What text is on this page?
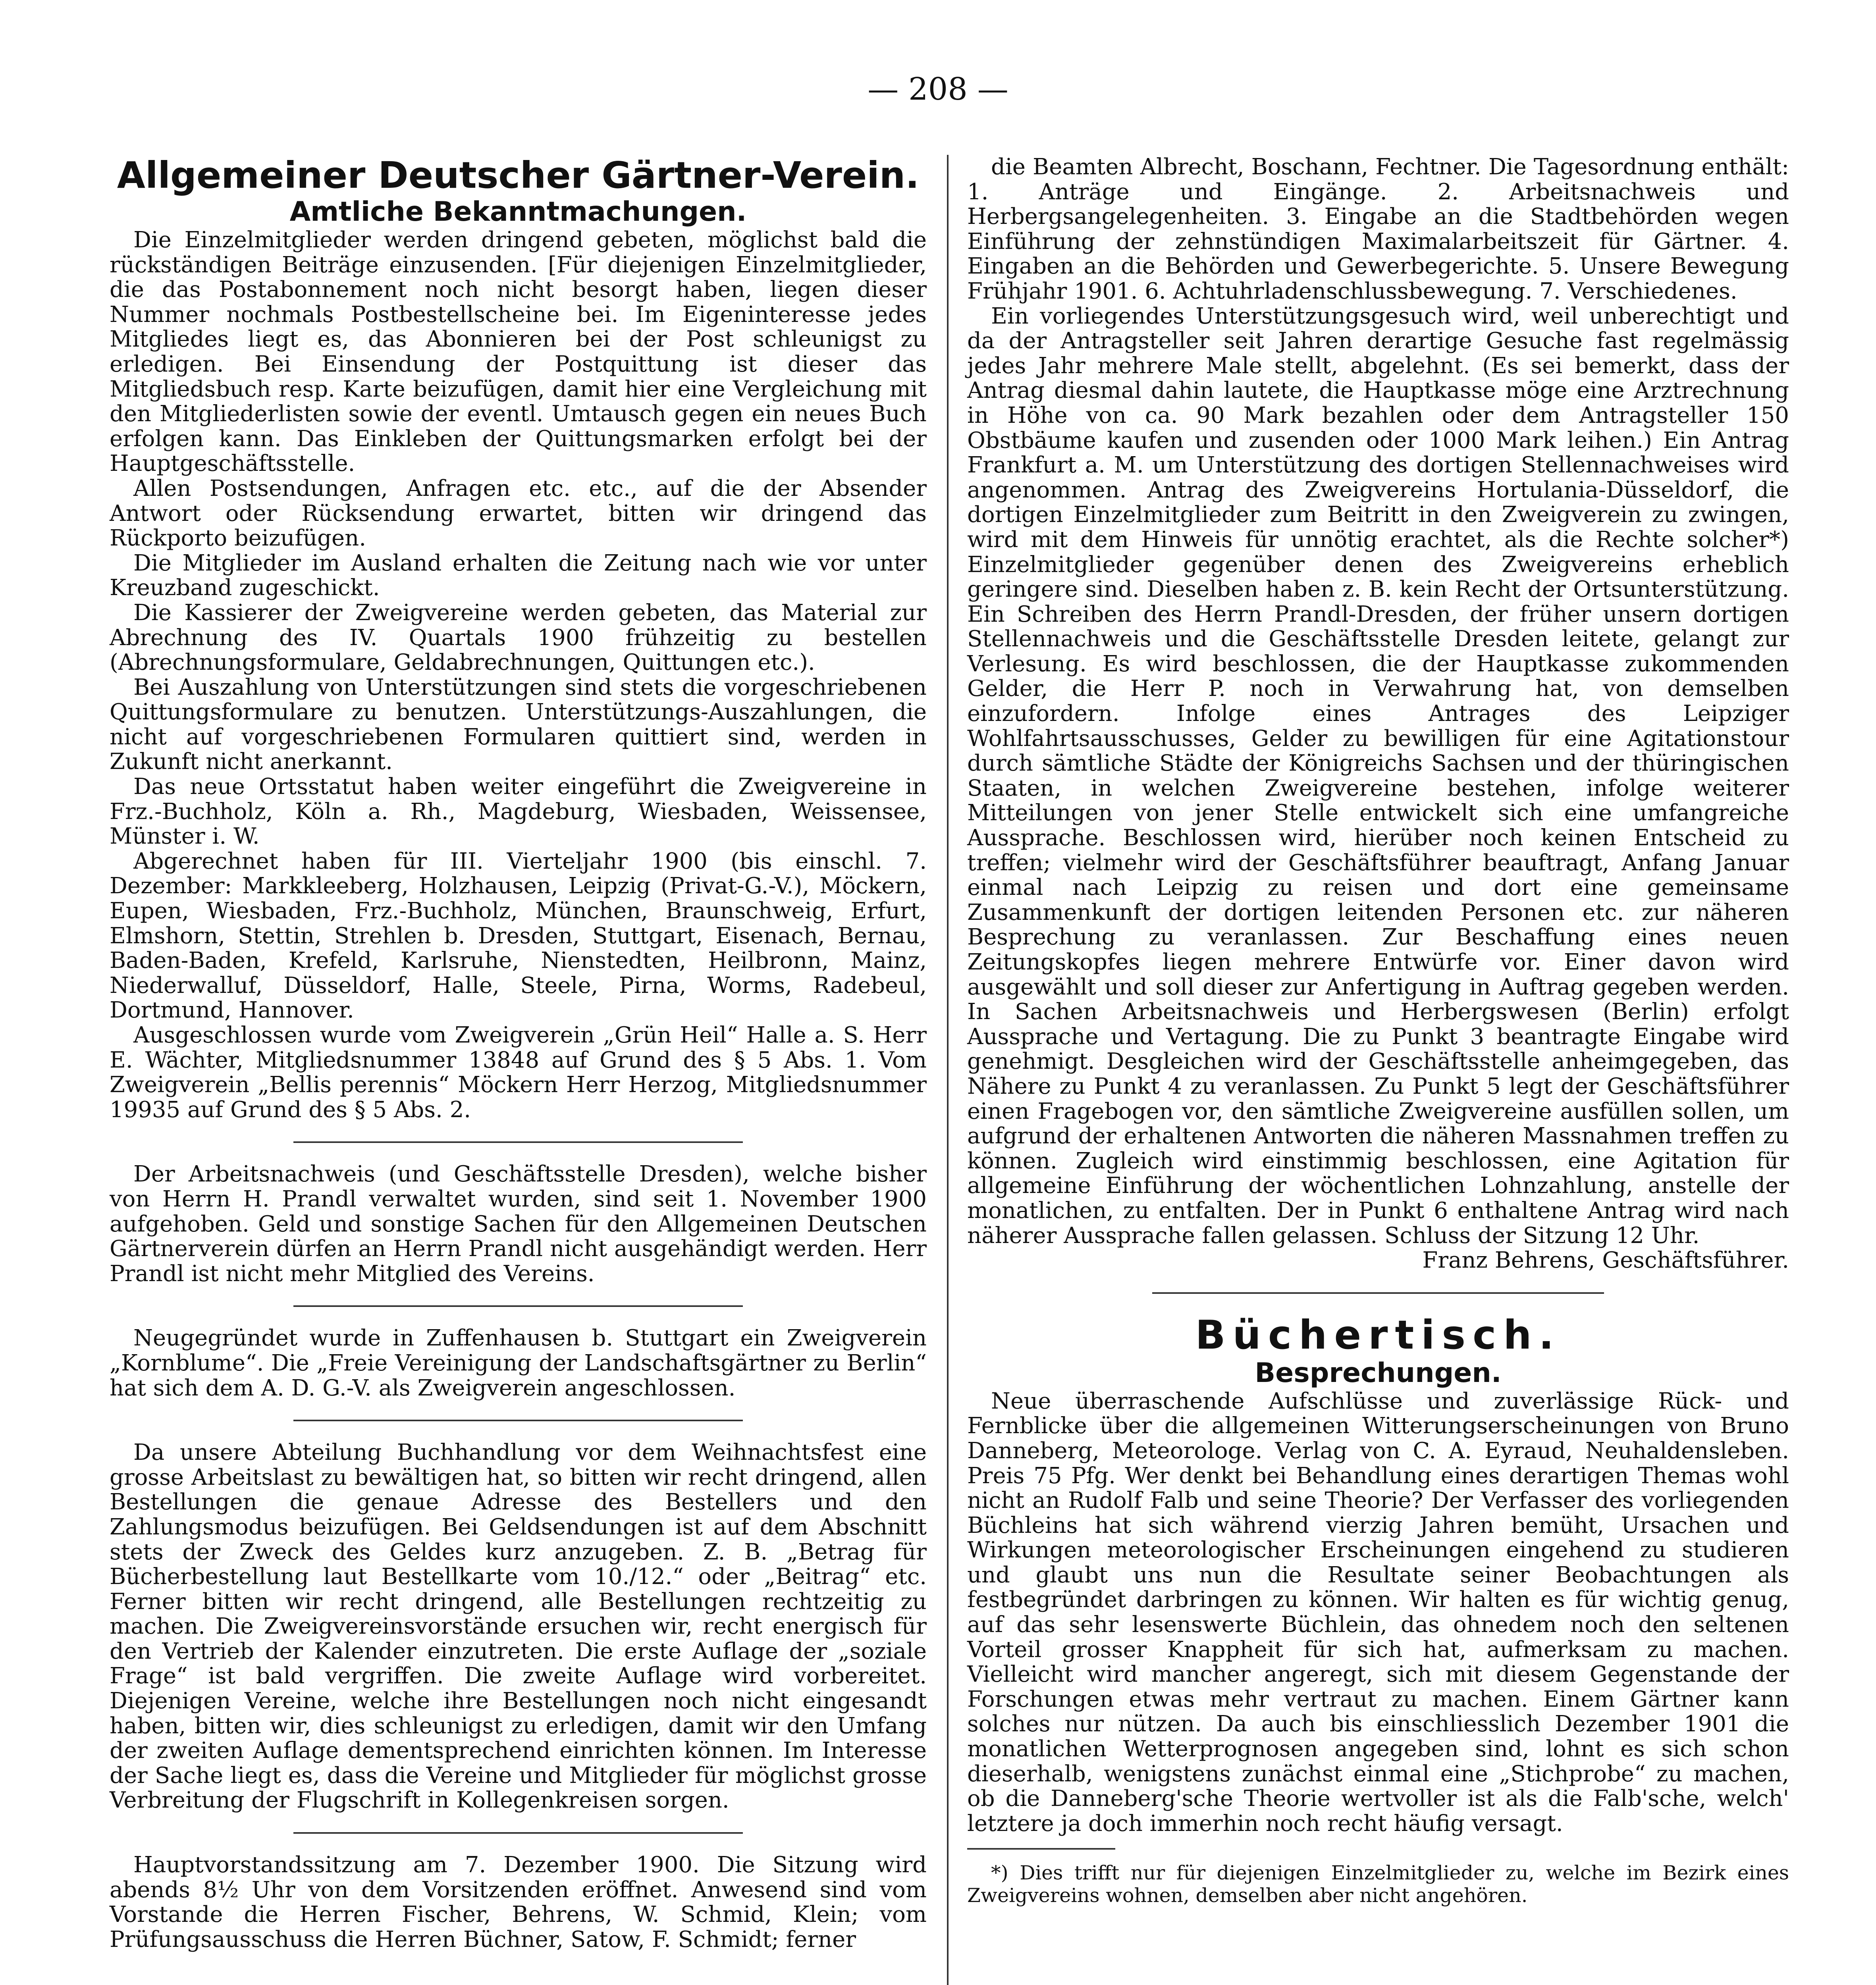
— 208 —

Allgemeiner Deutscher Gärtner-Verein.

Amtliche Bekanntmachungen.

Die Einzelmitglieder werden dringend gebeten, möglichst bald die rückständigen Beiträge einzusenden. [Für diejenigen Einzelmitglieder, die das Postabonnement noch nicht besorgt haben, liegen dieser Nummer nochmals Postbestellscheine bei. Im Eigeninteresse jedes Mitgliedes liegt es, das Abonnieren bei der Post schleunigst zu erledigen. Bei Einsendung der Postquittung ist dieser das Mitgliedsbuch resp. Karte beizufügen, damit hier eine Vergleichung mit den Mitgliederlisten sowie der eventl. Umtausch gegen ein neues Buch erfolgen kann. Das Einkleben der Quittungsmarken erfolgt bei der Hauptgeschäftsstelle.

Allen Postsendungen, Anfragen etc. etc., auf die der Absender Antwort oder Rücksendung erwartet, bitten wir dringend das Rückporto beizufügen.

Die Mitglieder im Ausland erhalten die Zeitung nach wie vor unter Kreuzband zugeschickt.

Die Kassierer der Zweigvereine werden gebeten, das Material zur Abrechnung des IV. Quartals 1900 frühzeitig zu bestellen (Abrechnungsformulare, Geldabrechnungen, Quittungen etc.).

Bei Auszahlung von Unterstützungen sind stets die vorgeschriebenen Quittungsformulare zu benutzen. Unterstützungs-Auszahlungen, die nicht auf vorgeschriebenen Formularen quittiert sind, werden in Zukunft nicht anerkannt.

Das neue Ortsstatut haben weiter eingeführt die Zweigvereine in Frz.-Buchholz, Köln a. Rh., Magdeburg, Wiesbaden, Weissensee, Münster i. W.

Abgerechnet haben für III. Vierteljahr 1900 (bis einschl. 7. Dezember: Markkleeberg, Holzhausen, Leipzig (Privat-G.-V.), Möckern, Eupen, Wiesbaden, Frz.-Buchholz, München, Braunschweig, Erfurt, Elmshorn, Stettin, Strehlen b. Dresden, Stuttgart, Eisenach, Bernau, Baden-Baden, Krefeld, Karlsruhe, Nienstedten, Heilbronn, Mainz, Niederwalluf, Düsseldorf, Halle, Steele, Pirna, Worms, Radebeul, Dortmund, Hannover.

Ausgeschlossen wurde vom Zweigverein „Grün Heil“ Halle a. S. Herr E. Wächter, Mitgliedsnummer 13848 auf Grund des § 5 Abs. 1. Vom Zweigverein „Bellis perennis“ Möckern Herr Herzog, Mitgliedsnummer 19935 auf Grund des § 5 Abs. 2.

Der Arbeitsnachweis (und Geschäftsstelle Dresden), welche bisher von Herrn H. Prandl verwaltet wurden, sind seit 1. November 1900 aufgehoben. Geld und sonstige Sachen für den Allgemeinen Deutschen Gärtnerverein dürfen an Herrn Prandl nicht ausgehändigt werden. Herr Prandl ist nicht mehr Mitglied des Vereins.

Neugegründet wurde in Zuffenhausen b. Stuttgart ein Zweigverein „Kornblume“. Die „Freie Vereinigung der Landschaftsgärtner zu Berlin“ hat sich dem A. D. G.-V. als Zweigverein angeschlossen.

Da unsere Abteilung Buchhandlung vor dem Weihnachtsfest eine grosse Arbeitslast zu bewältigen hat, so bitten wir recht dringend, allen Bestellungen die genaue Adresse des Bestellers und den Zahlungsmodus beizufügen. Bei Geldsendungen ist auf dem Abschnitt stets der Zweck des Geldes kurz anzugeben. Z. B. „Betrag für Bücherbestellung laut Bestellkarte vom 10./12.“ oder „Beitrag“ etc. Ferner bitten wir recht dringend, alle Bestellungen rechtzeitig zu machen. Die Zweigvereinsvorstände ersuchen wir, recht energisch für den Vertrieb der Kalender einzutreten. Die erste Auflage der „soziale Frage“ ist bald vergriffen. Die zweite Auflage wird vorbereitet. Diejenigen Vereine, welche ihre Bestellungen noch nicht eingesandt haben, bitten wir, dies schleunigst zu erledigen, damit wir den Umfang der zweiten Auflage dementsprechend einrichten können. Im Interesse der Sache liegt es, dass die Vereine und Mitglieder für möglichst grosse Verbreitung der Flugschrift in Kollegenkreisen sorgen.

Hauptvorstandssitzung am 7. Dezember 1900. Die Sitzung wird abends 8½ Uhr von dem Vorsitzenden eröffnet. Anwesend sind vom Vorstande die Herren Fischer, Behrens, W. Schmid, Klein; vom Prüfungsausschuss die Herren Büchner, Satow, F. Schmidt; ferner

die Beamten Albrecht, Boschann, Fechtner. Die Tagesordnung enthält: 1. Anträge und Eingänge. 2. Arbeitsnachweis und Herbergsangelegenheiten. 3. Eingabe an die Stadtbehörden wegen Einführung der zehnstündigen Maximalarbeitszeit für Gärtner. 4. Eingaben an die Behörden und Gewerbegerichte. 5. Unsere Bewegung Frühjahr 1901. 6. Achtuhrladenschlussbewegung. 7. Verschiedenes.

Ein vorliegendes Unterstützungsgesuch wird, weil unberechtigt und da der Antragsteller seit Jahren derartige Gesuche fast regelmässig jedes Jahr mehrere Male stellt, abgelehnt. (Es sei bemerkt, dass der Antrag diesmal dahin lautete, die Hauptkasse möge eine Arztrechnung in Höhe von ca. 90 Mark bezahlen oder dem Antragsteller 150 Obstbäume kaufen und zusenden oder 1000 Mark leihen.) Ein Antrag Frankfurt a. M. um Unterstützung des dortigen Stellennachweises wird angenommen. Antrag des Zweigvereins Hortulania-Düsseldorf, die dortigen Einzelmitglieder zum Beitritt in den Zweigverein zu zwingen, wird mit dem Hinweis für unnötig erachtet, als die Rechte solcher*) Einzelmitglieder gegenüber denen des Zweigvereins erheblich geringere sind. Dieselben haben z. B. kein Recht der Ortsunterstützung. Ein Schreiben des Herrn Prandl-Dresden, der früher unsern dortigen Stellennachweis und die Geschäftsstelle Dresden leitete, gelangt zur Verlesung. Es wird beschlossen, die der Hauptkasse zukommenden Gelder, die Herr P. noch in Verwahrung hat, von demselben einzufordern. Infolge eines Antrages des Leipziger Wohlfahrtsausschusses, Gelder zu bewilligen für eine Agitationstour durch sämtliche Städte der Königreichs Sachsen und der thüringischen Staaten, in welchen Zweigvereine bestehen, infolge weiterer Mitteilungen von jener Stelle entwickelt sich eine umfangreiche Aussprache. Beschlossen wird, hierüber noch keinen Entscheid zu treffen; vielmehr wird der Geschäftsführer beauftragt, Anfang Januar einmal nach Leipzig zu reisen und dort eine gemeinsame Zusammenkunft der dortigen leitenden Personen etc. zur näheren Besprechung zu veranlassen. Zur Beschaffung eines neuen Zeitungskopfes liegen mehrere Entwürfe vor. Einer davon wird ausgewählt und soll dieser zur Anfertigung in Auftrag gegeben werden. In Sachen Arbeitsnachweis und Herbergswesen (Berlin) erfolgt Aussprache und Vertagung. Die zu Punkt 3 beantragte Eingabe wird genehmigt. Desgleichen wird der Geschäftsstelle anheimgegeben, das Nähere zu Punkt 4 zu veranlassen. Zu Punkt 5 legt der Geschäftsführer einen Fragebogen vor, den sämtliche Zweigvereine ausfüllen sollen, um aufgrund der erhaltenen Antworten die näheren Massnahmen treffen zu können. Zugleich wird einstimmig beschlossen, eine Agitation für allgemeine Einführung der wöchentlichen Lohnzahlung, anstelle der monatlichen, zu entfalten. Der in Punkt 6 enthaltene Antrag wird nach näherer Aussprache fallen gelassen. Schluss der Sitzung 12 Uhr.

Franz Behrens, Geschäftsführer.

Büchertisch.

Besprechungen.

Neue überraschende Aufschlüsse und zuverlässige Rück- und Fernblicke über die allgemeinen Witterungserscheinungen von Bruno Danneberg, Meteorologe. Verlag von C. A. Eyraud, Neuhaldensleben. Preis 75 Pfg. Wer denkt bei Behandlung eines derartigen Themas wohl nicht an Rudolf Falb und seine Theorie? Der Verfasser des vorliegenden Büchleins hat sich während vierzig Jahren bemüht, Ursachen und Wirkungen meteorologischer Erscheinungen eingehend zu studieren und glaubt uns nun die Resultate seiner Beobachtungen als festbegründet darbringen zu können. Wir halten es für wichtig genug, auf das sehr lesenswerte Büchlein, das ohnedem noch den seltenen Vorteil grosser Knappheit für sich hat, aufmerksam zu machen. Vielleicht wird mancher angeregt, sich mit diesem Gegenstande der Forschungen etwas mehr vertraut zu machen. Einem Gärtner kann solches nur nützen. Da auch bis einschliesslich Dezember 1901 die monatlichen Wetterprognosen angegeben sind, lohnt es sich schon dieserhalb, wenigstens zunächst einmal eine „Stichprobe“ zu machen, ob die Danneberg'sche Theorie wertvoller ist als die Falb'sche, welch' letztere ja doch immerhin noch recht häufig versagt.

*) Dies trifft nur für diejenigen Einzelmitglieder zu, welche im Bezirk eines Zweigvereins wohnen, demselben aber nicht angehören.
